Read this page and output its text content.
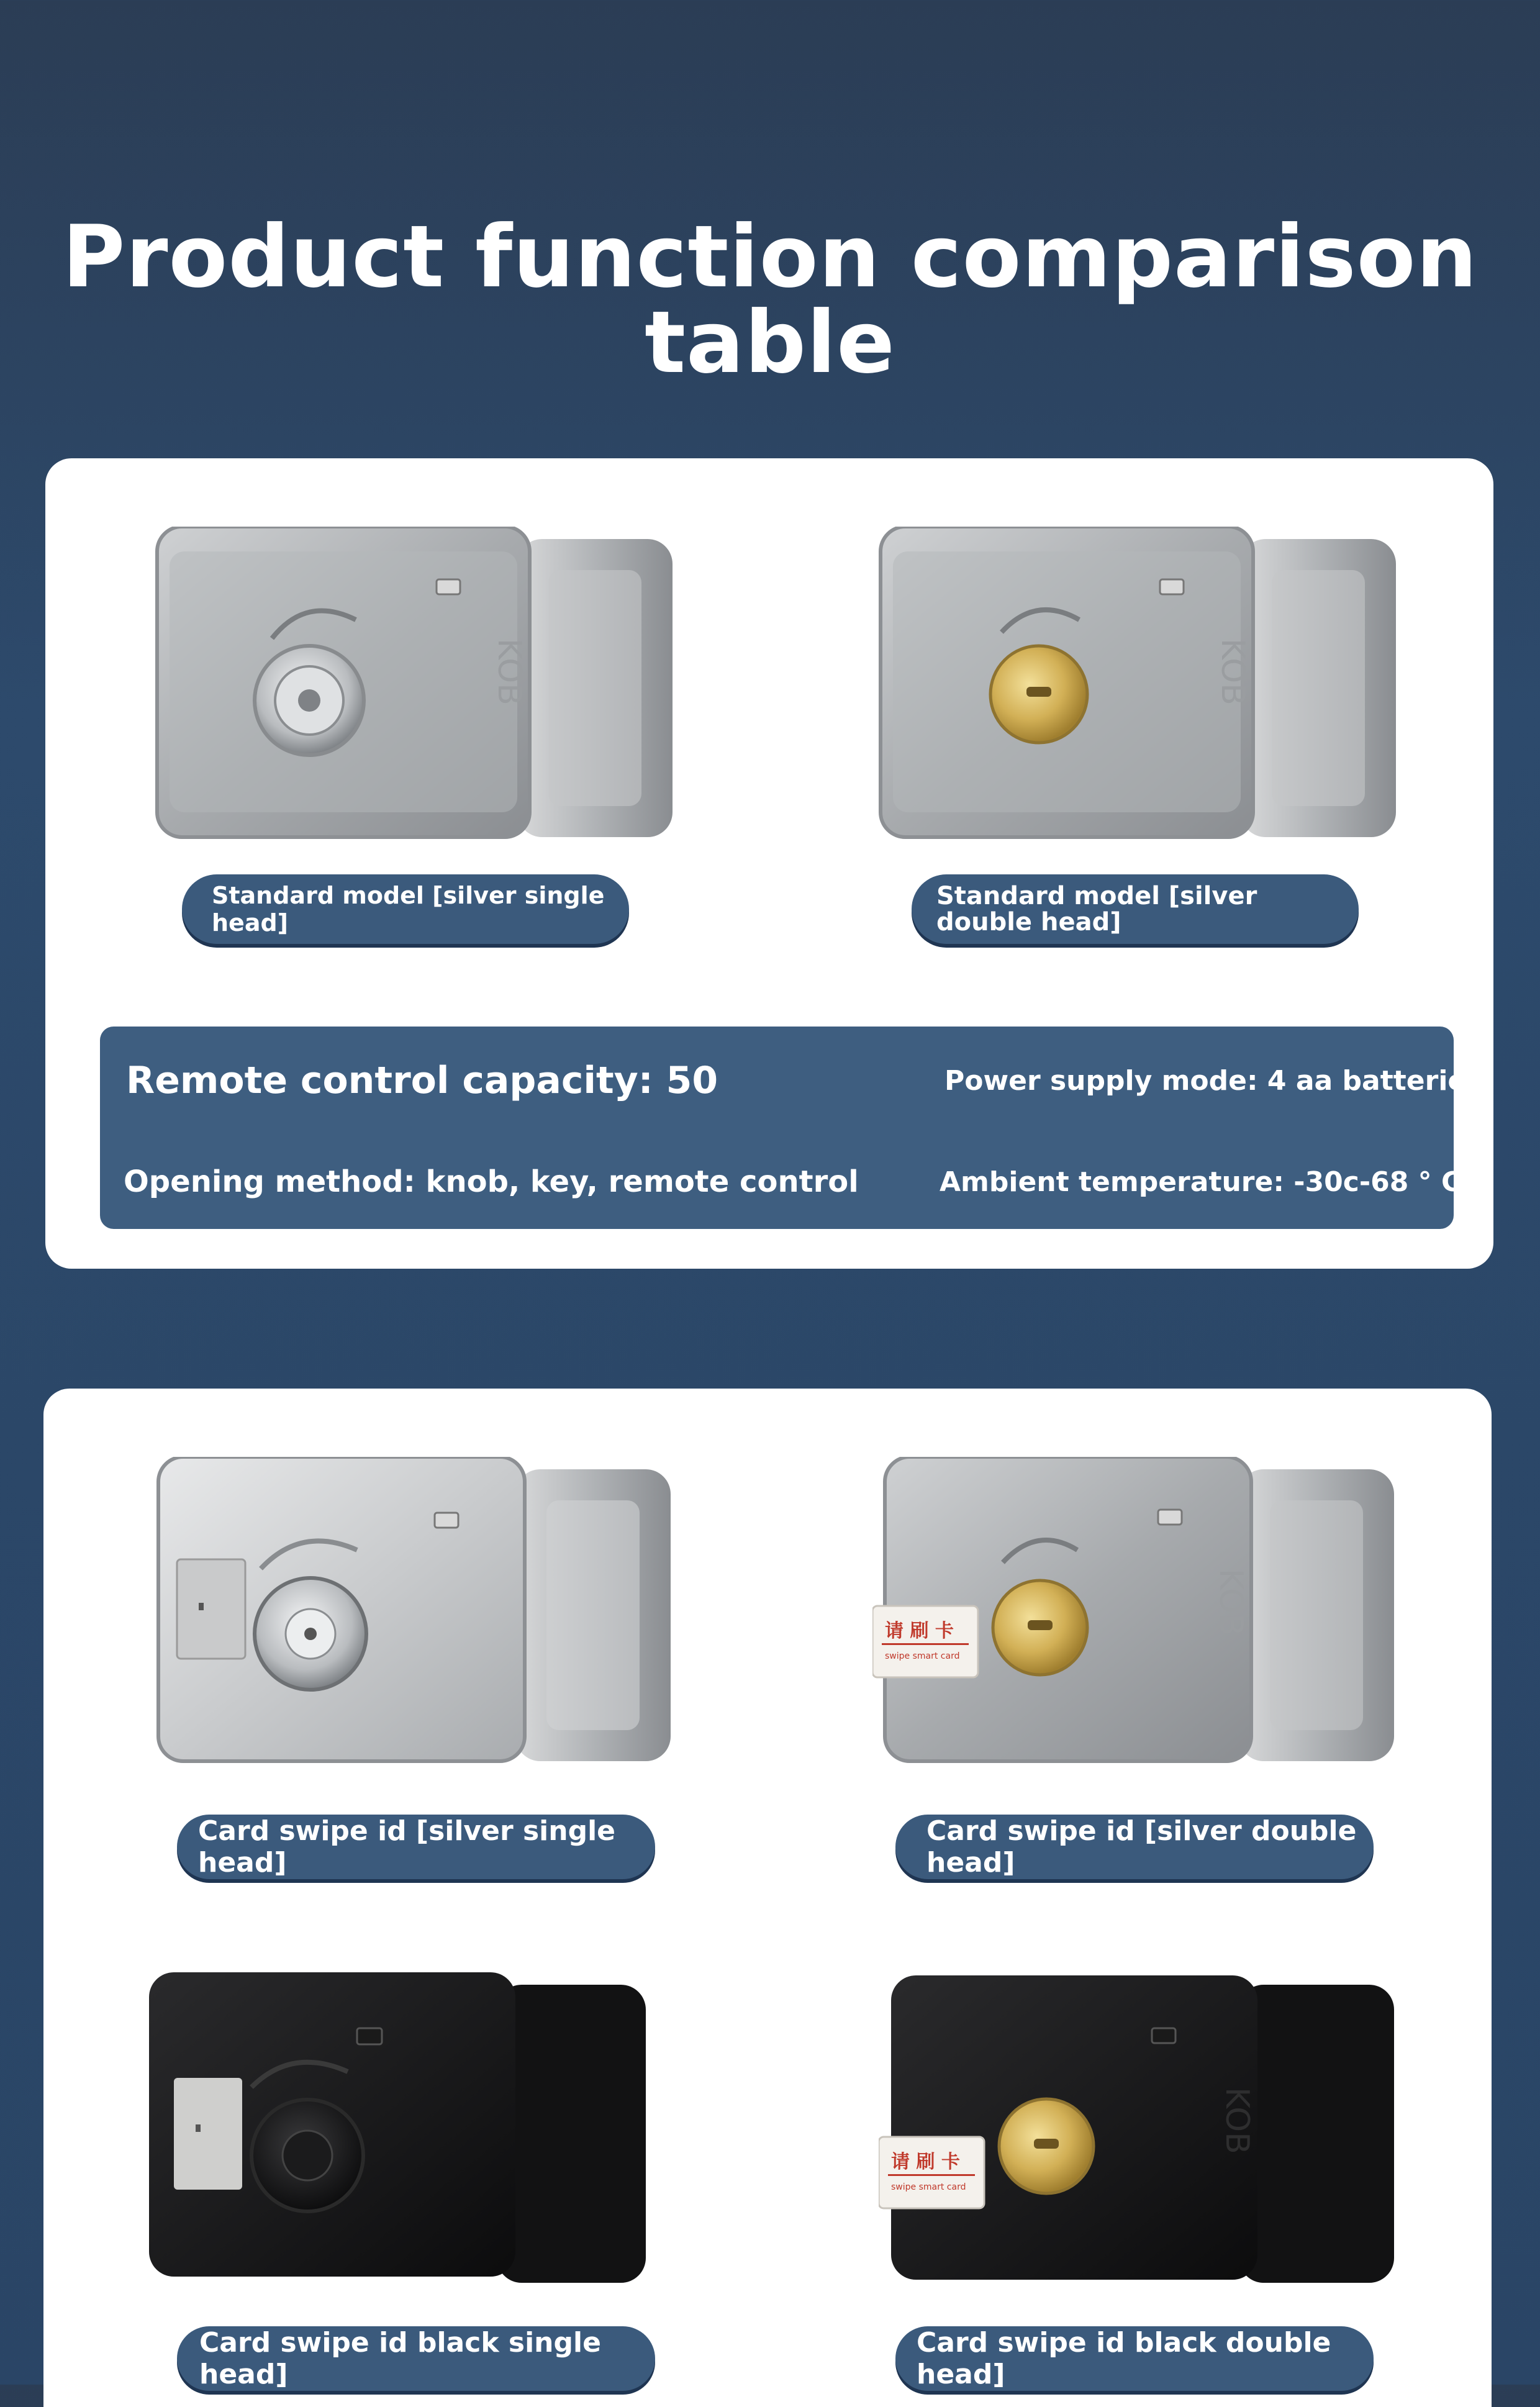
Product function comparison table
KOB
Standard model [silver single head]
KOB
Standard model [silver double head]
Remote control capacity: 50	Power supply mode: 4 aa batteries
Opening method: knob, key, remote control	Ambient temperature: -30c-68 ° C
Card swipe id [silver single head]
KOB
请 刷 卡
swipe smart card
Card swipe id [silver double head]
Card swipe id black single head]
KOB
请 刷 卡
swipe smart card
Card swipe id black double head]
